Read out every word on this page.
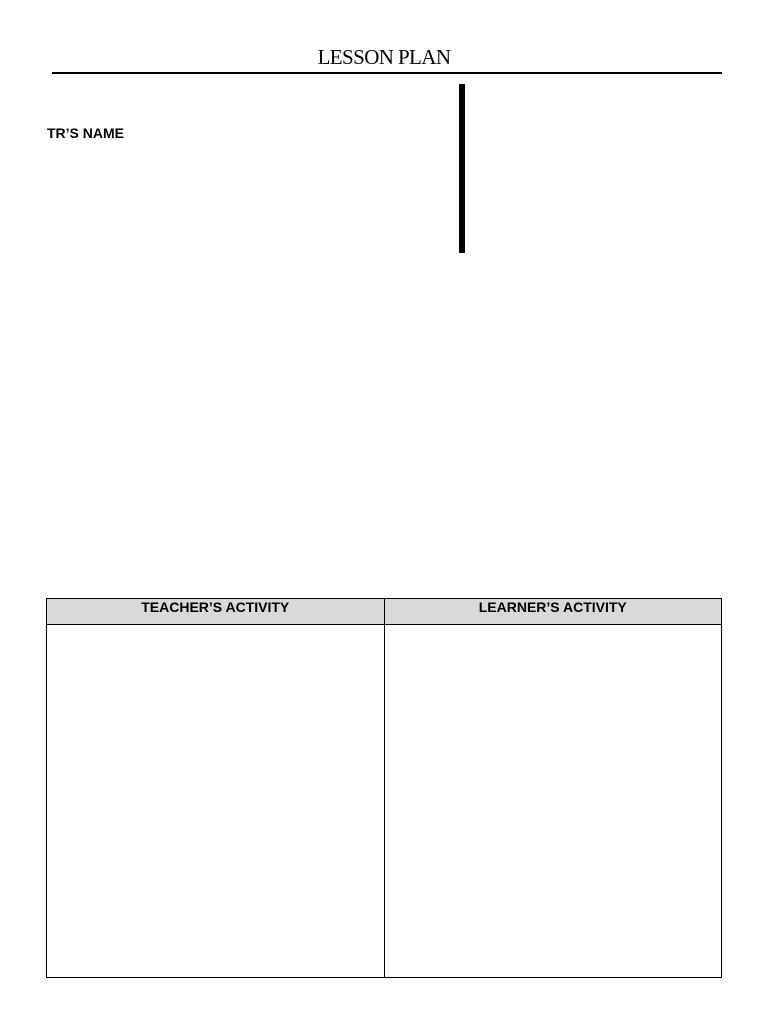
LESSON PLAN
TR’S NAME
TEACHER’S ACTIVITY	LEARNER’S ACTIVITY
